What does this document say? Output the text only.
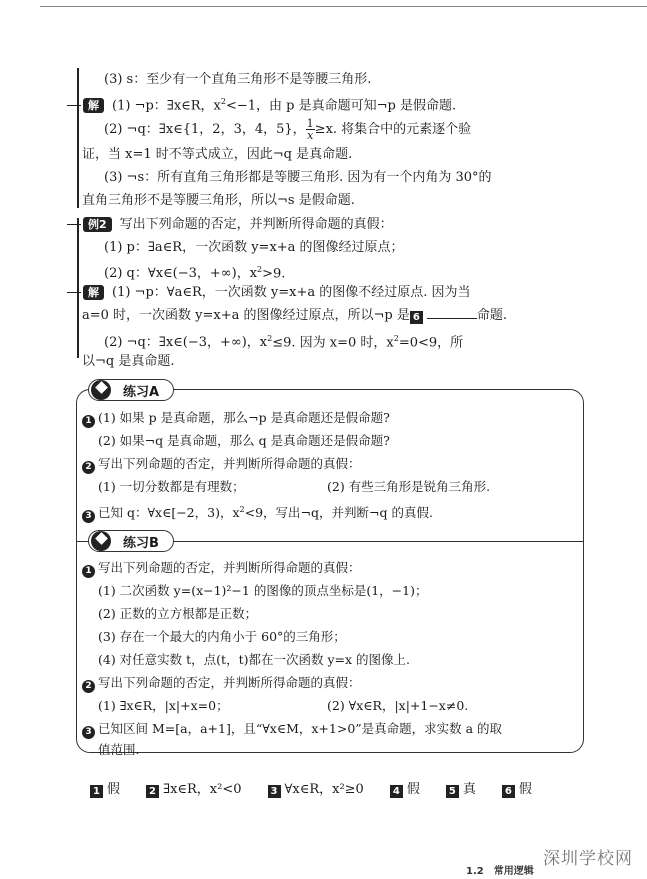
(3) s：至少有一个直角三角形不是等腰三角形.
解 (1) ¬p：∃x∈R，$x^2<-1$，由 p 是真命题可知¬p 是假命题.
(2) ¬q：∃x∈{1，2，3，4，5}， $\frac{1}{x} \ge x$. 将集合中的元素逐个验
证，当 x=1 时不等式成立，因此¬q 是真命题.
(3) ¬s：所有直角三角形都是等腰三角形. 因为有一个内角为 30°的
直角三角形不是等腰三角形，所以¬s 是假命题.
例2 写出下列命题的否定，并判断所得命题的真假：
(1) p：∃a∈R，一次函数 y=x+a 的图像经过原点；
(2) q：∀x∈(−3，+∞)，$x^2>9$.
解 (1) ¬p：∀a∈R，一次函数 y=x+a 的图像不经过原点. 因为当
a=0 时，一次函数 y=x+a 的图像经过原点，所以¬p 是 6	命题.
(2) ¬q：∃x∈(−3，+∞)，$x^2\le 9$. 因为 x=0 时，$x^2=0<9$，所
以¬q 是真命题.
练习A
1 (1) 如果 p 是真命题，那么¬p 是真命题还是假命题?
(2) 如果¬q 是真命题，那么 q 是真命题还是假命题?
2 写出下列命题的否定，并判断所得命题的真假：
(1) 一切分数都是有理数；	(2) 有些三角形是锐角三角形.
3 已知 q：∀x∈[−2，3)，$x^2<9$，写出¬q，并判断¬q 的真假.
练习B
1 写出下列命题的否定，并判断所得命题的真假：
(1) 二次函数 y=(x−1)²−1 的图像的顶点坐标是(1，−1)；
(2) 正数的立方根都是正数；
(3) 存在一个最大的内角小于 60°的三角形；
(4) 对任意实数 t，点(t，t)都在一次函数 y=x 的图像上.
2 写出下列命题的否定，并判断所得命题的真假：
(1) ∃x∈R，|x|+x=0；	(2) ∀x∈R，|x|+1−x≠0.
3 已知区间 M=[a，a+1]，且“∀x∈M，x+1>0”是真命题，求实数 a 的取
值范围.
1 假	2 ∃x∈R，x²<0	3 ∀x∈R，x²≥0	4 假	5 真	6 假
深圳学校网
1.2　常用逻辑
